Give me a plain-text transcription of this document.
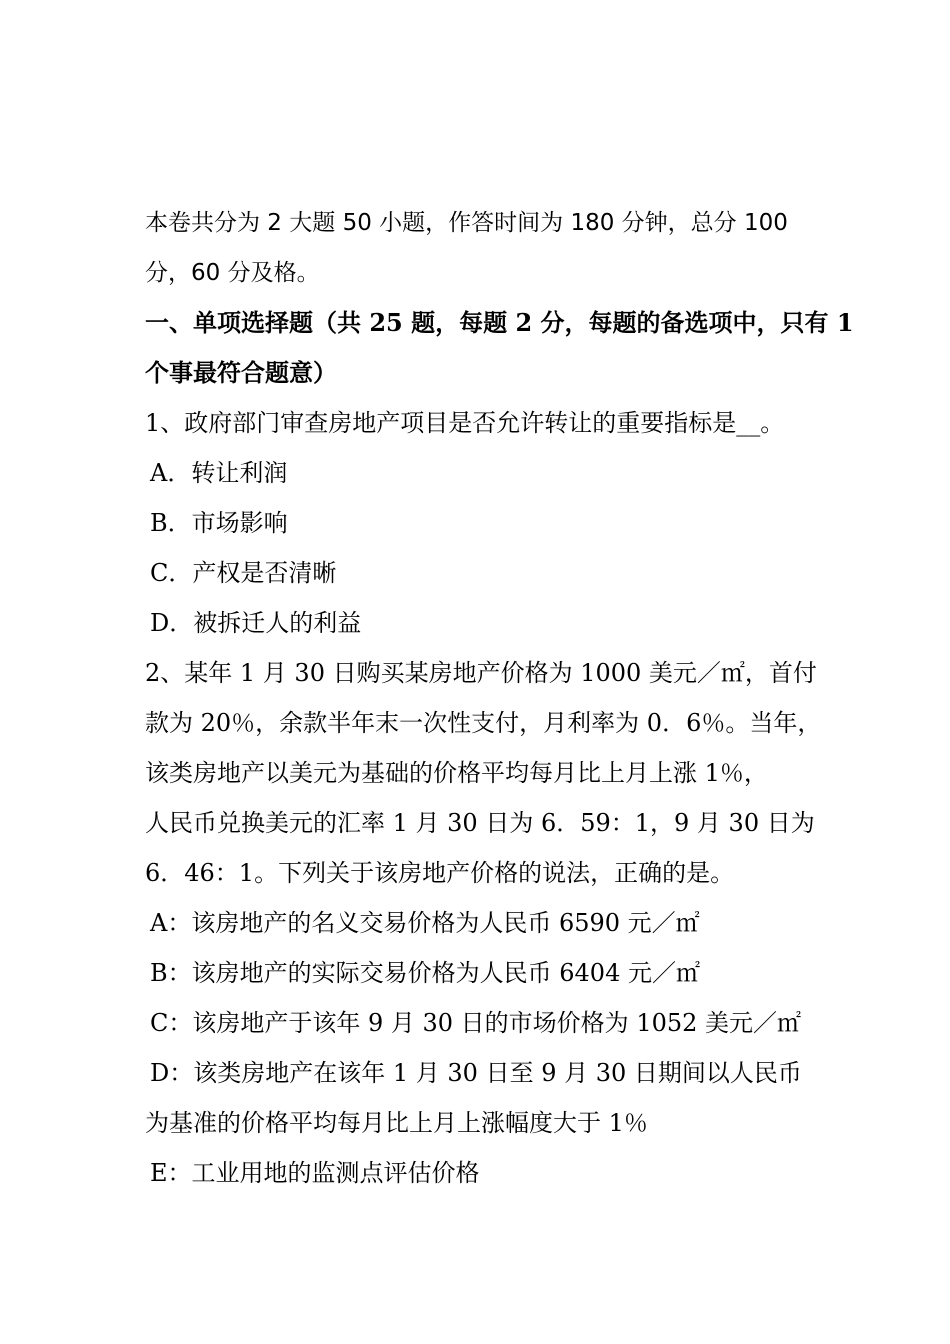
本卷共分为 2 大题 50 小题，作答时间为 180 分钟，总分 100
分，60 分及格。
一、单项选择题（共 25 题，每题 2 分，每题的备选项中，只有 1
个事最符合题意）
1、政府部门审查房地产项目是否允许转让的重要指标是__。
A．转让利润
B．市场影响
C．产权是否清晰
D．被拆迁人的利益
2、某年 1 月 30 日购买某房地产价格为 1000 美元／㎡，首付
款为 20％，余款半年末一次性支付，月利率为 0．6％。当年，
该类房地产以美元为基础的价格平均每月比上月上涨 1％，
人民币兑换美元的汇率 1 月 30 日为 6．59：1，9 月 30 日为
6．46：1。下列关于该房地产价格的说法，正确的是。
A：该房地产的名义交易价格为人民币 6590 元／㎡
B：该房地产的实际交易价格为人民币 6404 元／㎡
C：该房地产于该年 9 月 30 日的市场价格为 1052 美元／㎡
D：该类房地产在该年 1 月 30 日至 9 月 30 日期间以人民币
为基准的价格平均每月比上月上涨幅度大于 1％
E：工业用地的监测点评估价格
